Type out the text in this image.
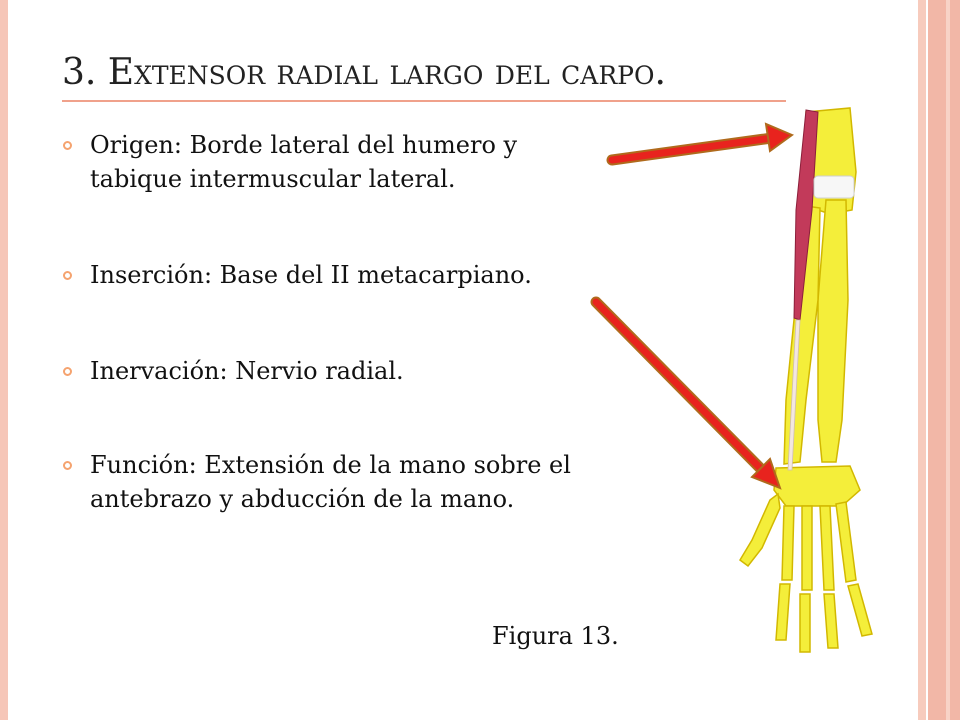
3. Extensor radial largo del carpo.
Origen: Borde lateral del humero y
tabique intermuscular lateral.
Inserción: Base del II metacarpiano.
Inervación: Nervio radial.
Función: Extensión de la mano sobre el
antebrazo y abducción de la mano.
Figura 13.
